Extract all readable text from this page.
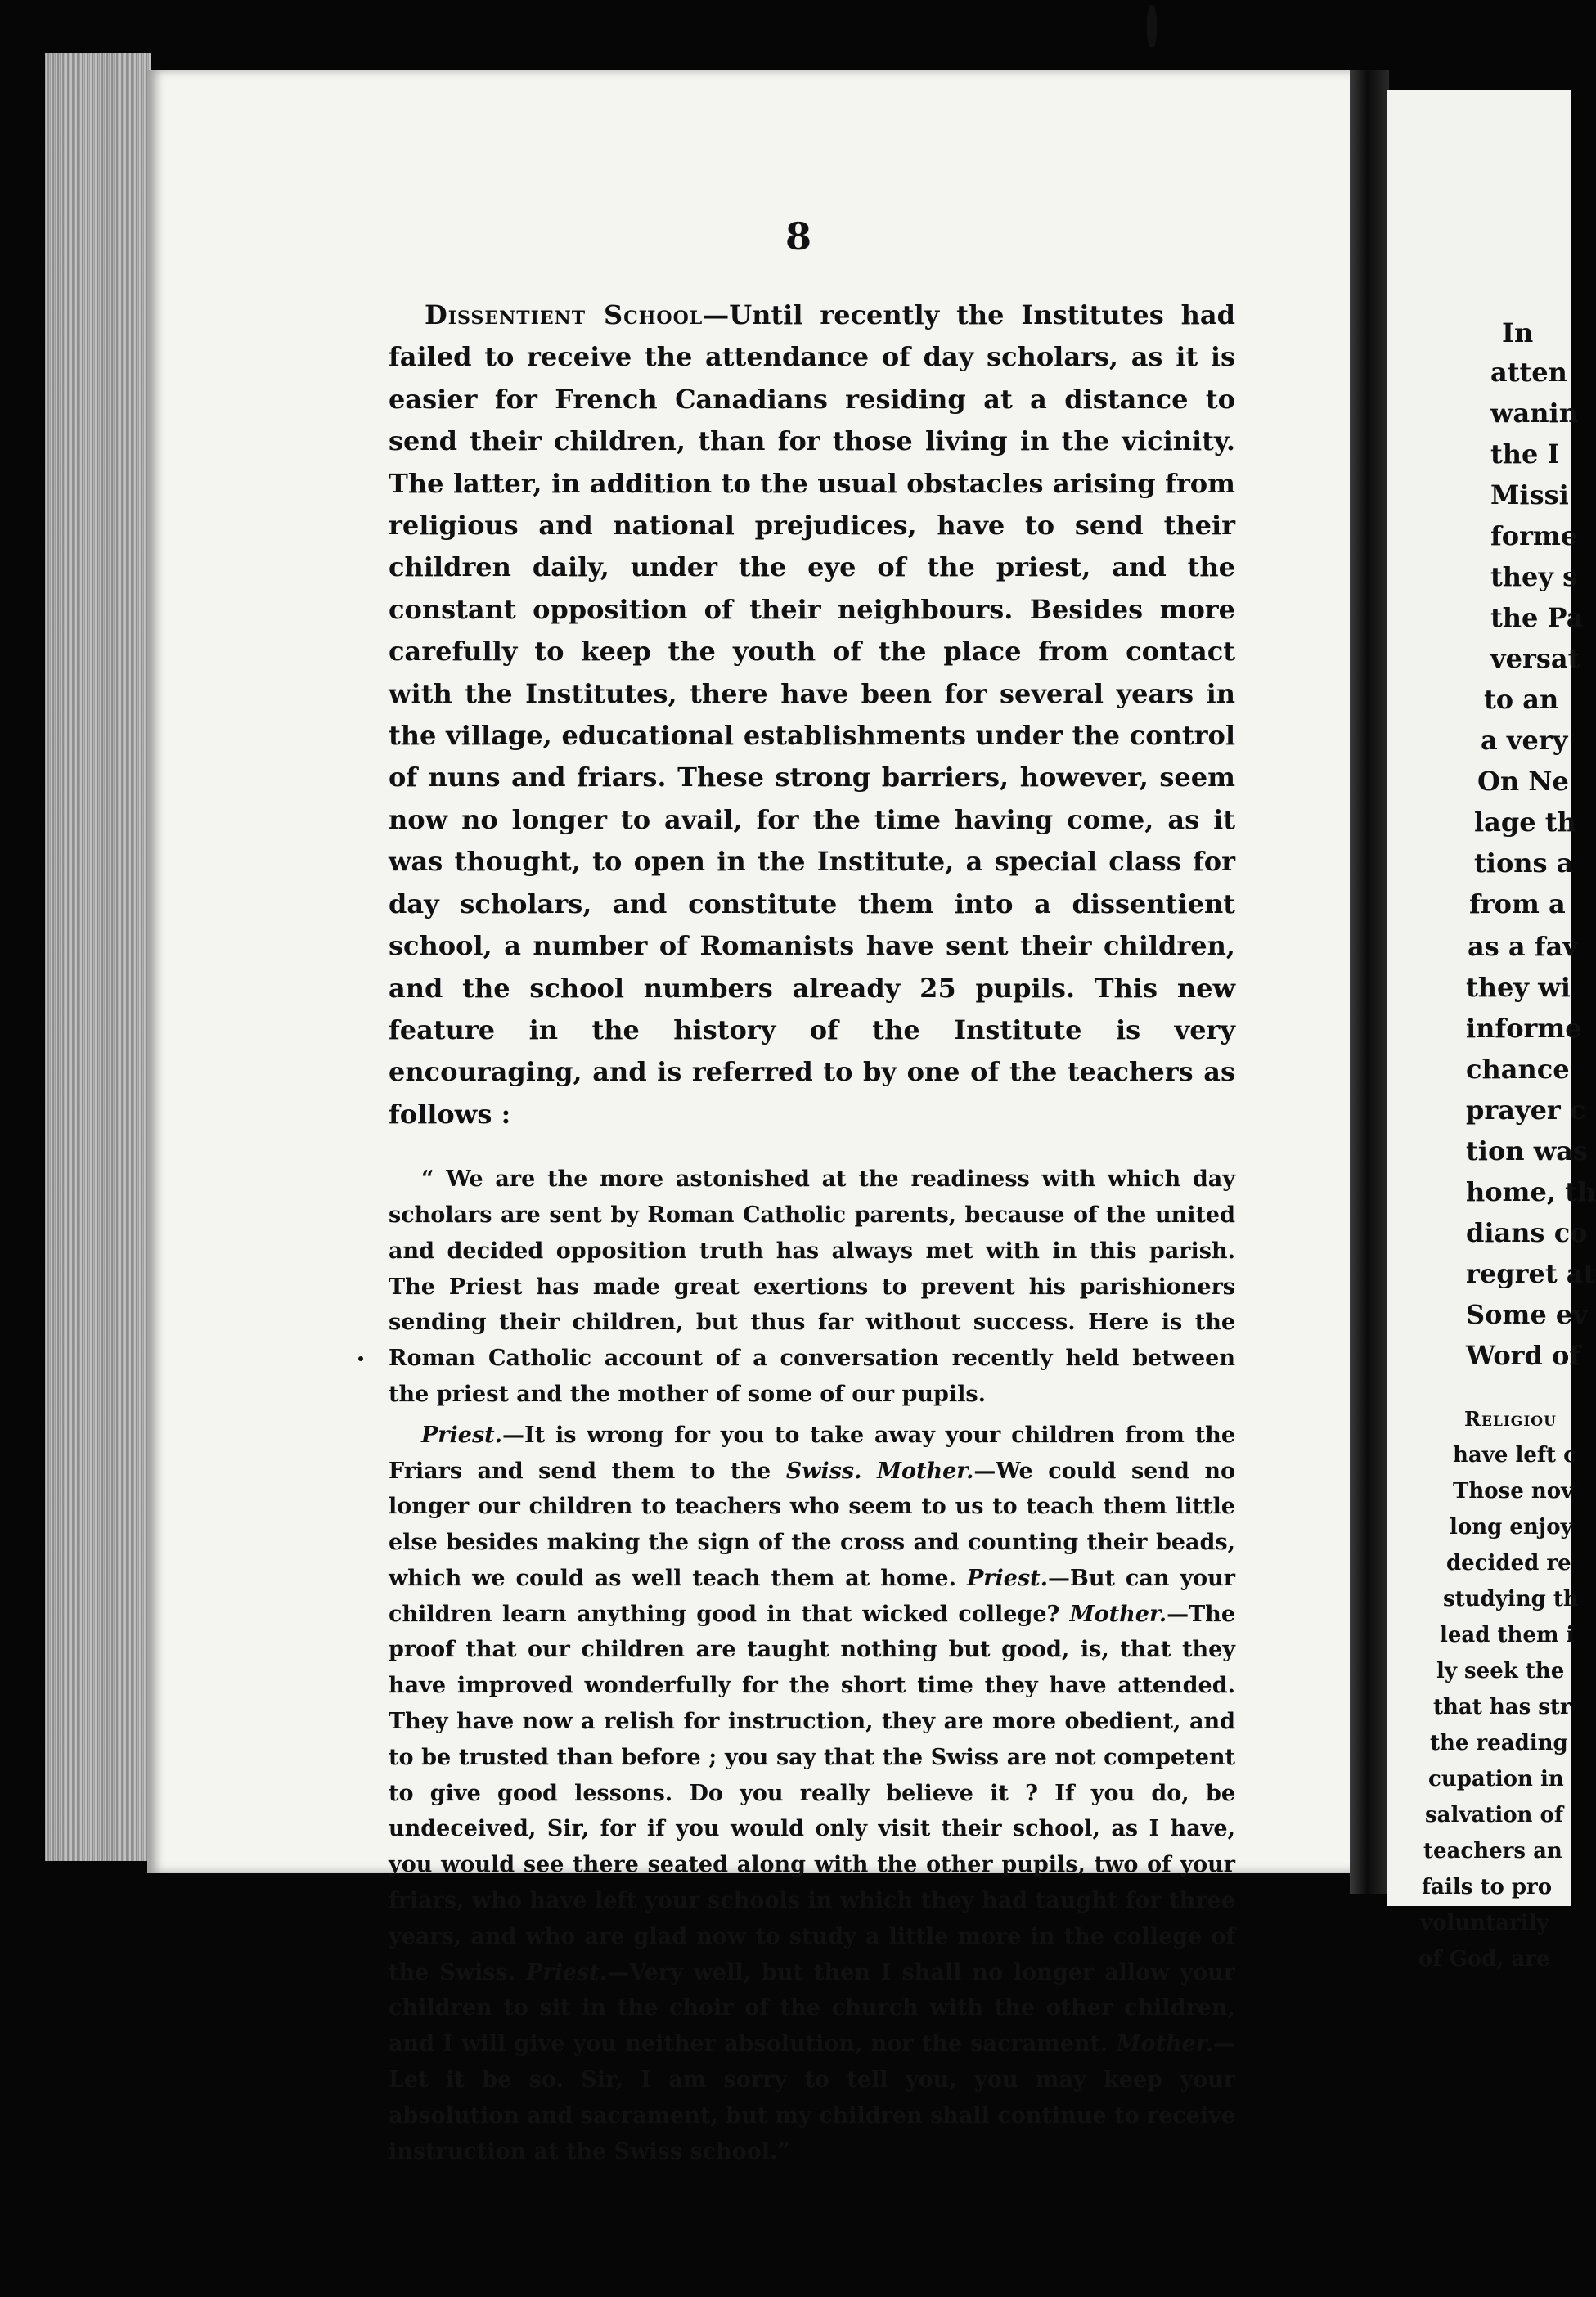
8

Dissentient School—Until recently the Institutes had failed to receive the attendance of day scholars, as it is easier for French Canadians residing at a distance to send their children, than for those living in the vicinity. The latter, in addition to the usual obstacles arising from religious and national prejudices, have to send their children daily, under the eye of the priest, and the constant opposition of their neighbours. Besides more carefully to keep the youth of the place from contact with the Institutes, there have been for several years in the village, educational establishments under the control of nuns and friars. These strong barriers, however, seem now no longer to avail, for the time having come, as it was thought, to open in the Institute, a special class for day scholars, and constitute them into a dissentient school, a number of Romanists have sent their children, and the school numbers already 25 pupils. This new feature in the history of the Institute is very encouraging, and is referred to by one of the teachers as follows :

“ We are the more astonished at the readiness with which day scholars are sent by Roman Catholic parents, because of the united and decided opposition truth has always met with in this parish. The Priest has made great exertions to prevent his parishioners sending their children, but thus far without success. Here is the Roman Catholic account of a conversation recently held between the priest and the mother of some of our pupils.

Priest.—It is wrong for you to take away your children from the Friars and send them to the Swiss. Mother.—We could send no longer our children to teachers who seem to us to teach them little else besides making the sign of the cross and counting their beads, which we could as well teach them at home. Priest.—But can your children learn anything good in that wicked college? Mother.—The proof that our children are taught nothing but good, is, that they have improved wonderfully for the short time they have attended. They have now a relish for instruction, they are more obedient, and to be trusted than before ; you say that the Swiss are not competent to give good lessons. Do you really believe it ? If you do, be undeceived, Sir, for if you would only visit their school, as I have, you would see there seated along with the other pupils, two of your friars, who have left your schools in which they had taught for three years, and who are glad now to study a little more in the college of the Swiss. Priest.—Very well, but then I shall no longer allow your children to sit in the choir of the church with the other children, and I will give you neither absolution, nor the sacrament. Mother.—Let it be so. Sir, I am sorry to tell you, you may keep your absolution and sacrament, but my children shall continue to receive instruction at the Swiss school.”

In

atten

wanin

the I

Missi

forme

they s

the Pa

versat

to an

a very

On Ne

lage th

tions a

from a

as a fav

they wi

informe

chance

prayer c

tion was

home, th

dians co

regret at

Some ev

Word of

Religiou

have left c

Those nov

long enjoy

decided re

studying th

lead them i

ly seek the

that has str

the reading

cupation in

salvation of

teachers an

fails to pro

voluntarily

of God, are
